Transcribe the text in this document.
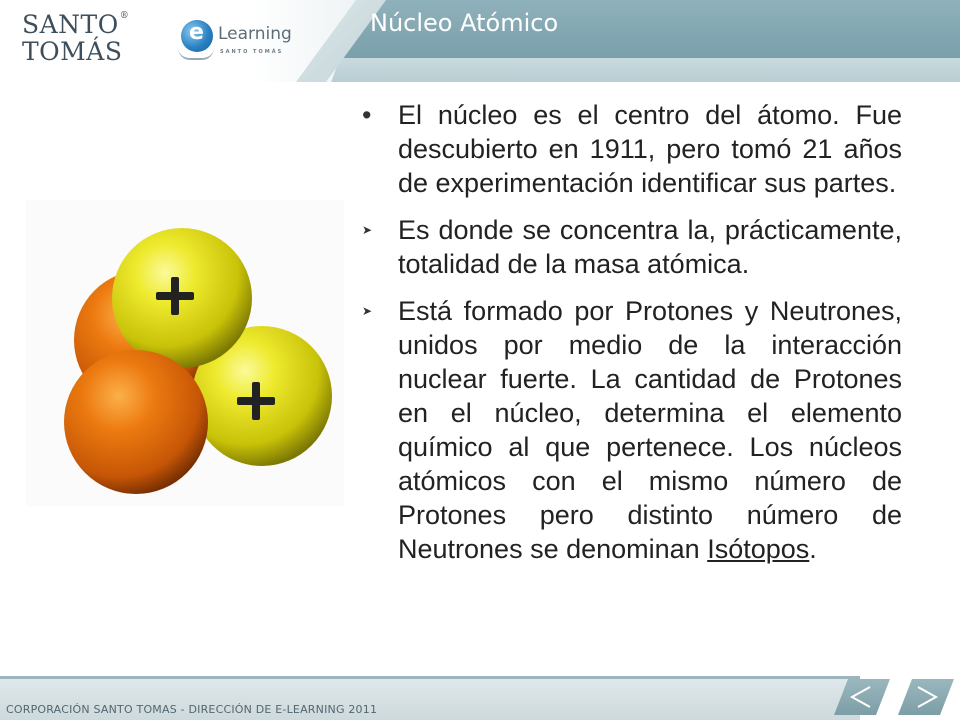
SANTO®
TOMÁS
e Learning
SANTO TOMÁS
Núcleo Atómico
• El núcleo es el centro del átomo. Fue descubierto en 1911, pero tomó 21 años de experimentación identificar sus partes.
➤ Es donde se concentra la, prácticamente, totalidad de la masa atómica.
➤ Está formado por Protones y Neutrones, unidos por medio de la interacción nuclear fuerte. La cantidad de Protones en el núcleo, determina el elemento químico al que pertenece. Los núcleos atómicos con el mismo número de Protones pero distinto número de Neutrones se denominan Isótopos.
CORPORACIÓN SANTO TOMAS - DIRECCIÓN DE E-LEARNING 2011
